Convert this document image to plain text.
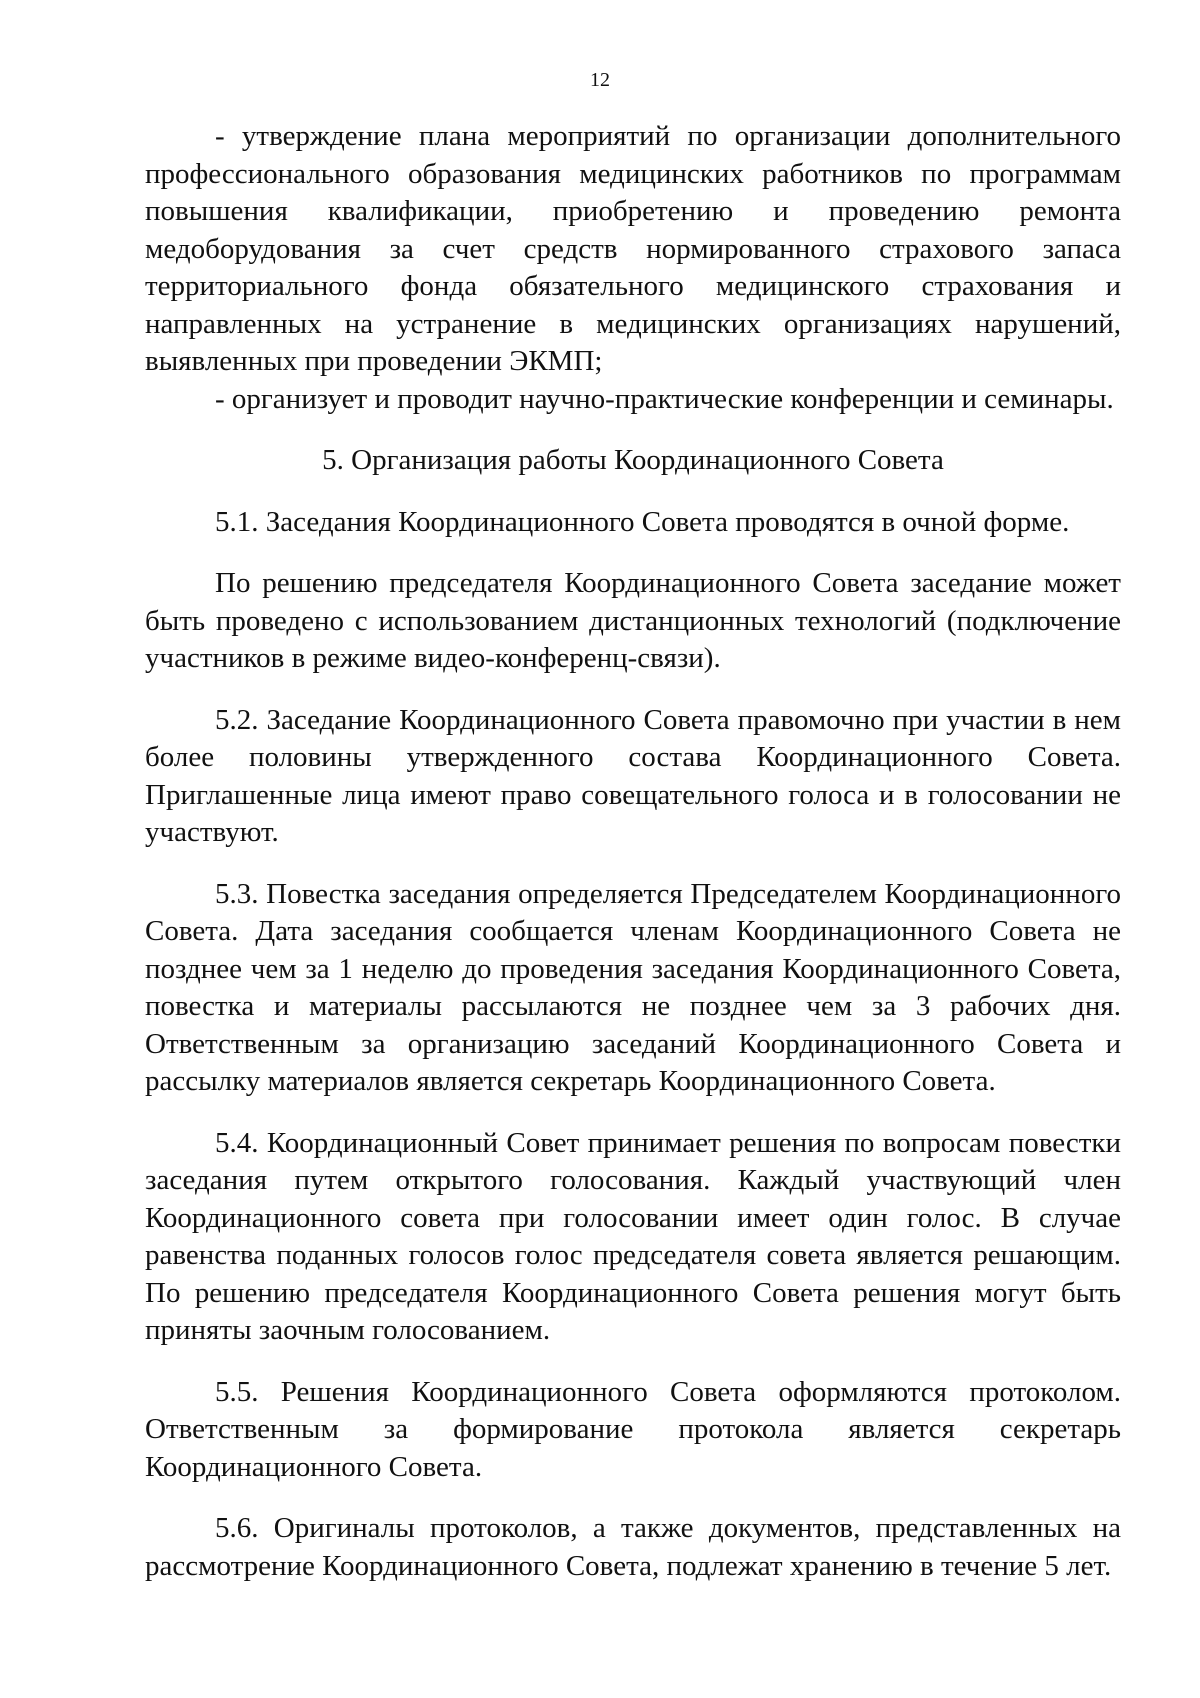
12

- утверждение плана мероприятий по организации дополнительного профессионального образования медицинских работников по программам повышения квалификации, приобретению и проведению ремонта медоборудования за счет средств нормированного страхового запаса территориального фонда обязательного медицинского страхования и направленных на устранение в медицинских организациях нарушений, выявленных при проведении ЭКМП;

- организует и проводит научно-практические конференции и семинары.

5. Организация работы Координационного Совета

5.1. Заседания Координационного Совета проводятся в очной форме.

По решению председателя Координационного Совета заседание может быть проведено с использованием дистанционных технологий (подключение участников в режиме видео-конференц-связи).

5.2. Заседание Координационного Совета правомочно при участии в нем более половины утвержденного состава Координационного Совета. Приглашенные лица имеют право совещательного голоса и в голосовании не участвуют.

5.3. Повестка заседания определяется Председателем Координационного Совета. Дата заседания сообщается членам Координационного Совета не позднее чем за 1 неделю до проведения заседания Координационного Совета, повестка и материалы рассылаются не позднее чем за 3 рабочих дня. Ответственным за организацию заседаний Координационного Совета и рассылку материалов является секретарь Координационного Совета.

5.4. Координационный Совет принимает решения по вопросам повестки заседания путем открытого голосования. Каждый участвующий член Координационного совета при голосовании имеет один голос. В случае равенства поданных голосов голос председателя совета является решающим. По решению председателя Координационного Совета решения могут быть приняты заочным голосованием.

5.5. Решения Координационного Совета оформляются протоколом. Ответственным за формирование протокола является секретарь Координационного Совета.

5.6. Оригиналы протоколов, а также документов, представленных на рассмотрение Координационного Совета, подлежат хранению в течение 5 лет.
